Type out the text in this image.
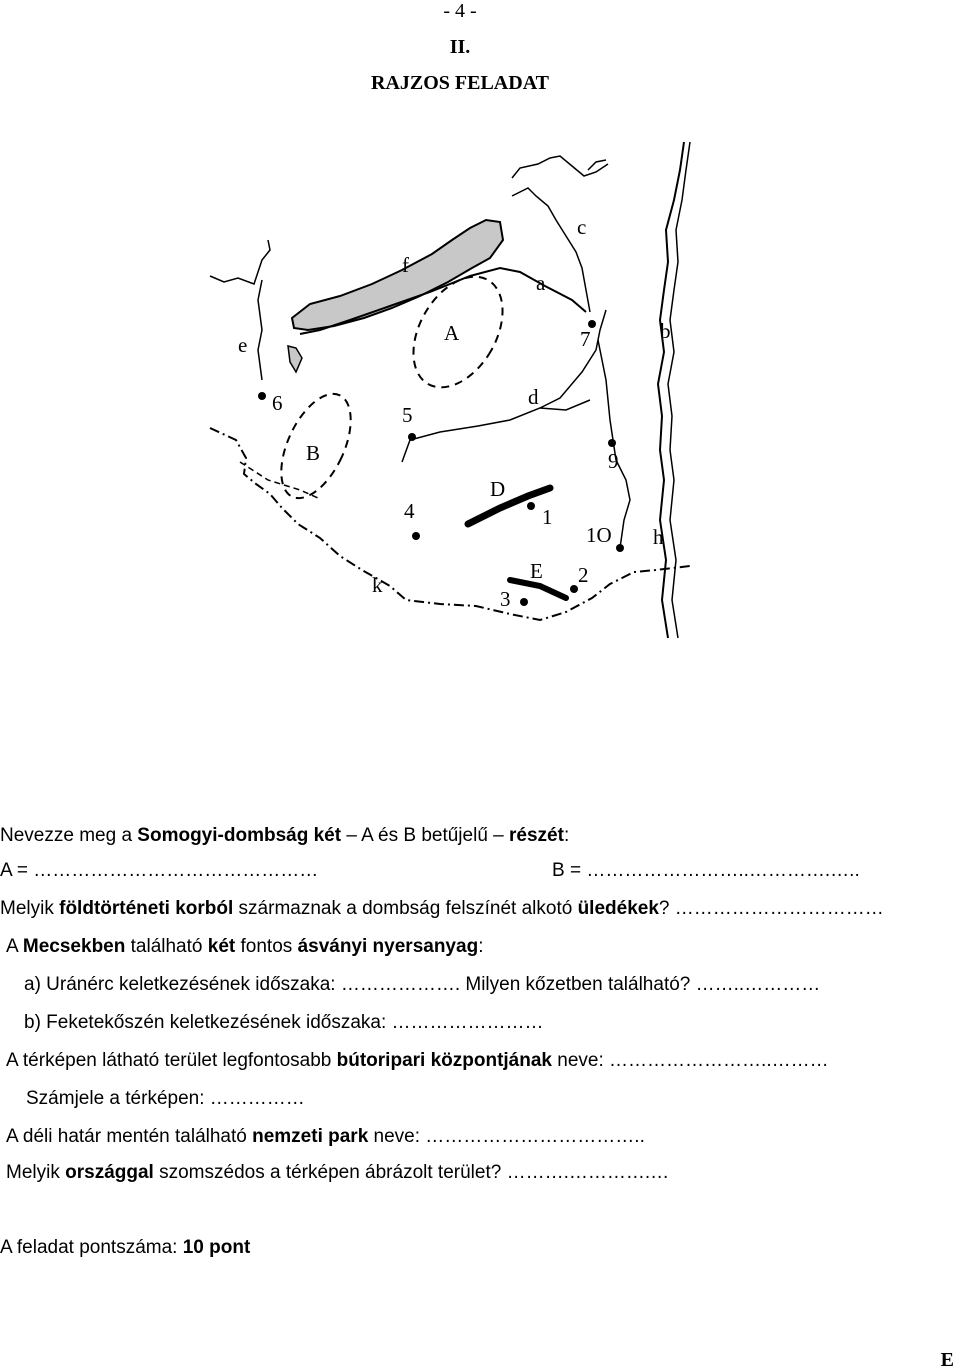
- 4 -
II.
RAJZOS FELADAT
a
b
c
d
e
f
h
k
A
B
D
E
1
2
3
4
5
6
7
9
1O
Nevezze meg a Somogyi-dombság két – A és B betűjelű – részét:
A = ………………………………………	B = ……………………..………….…..
Melyik földtörténeti korból származnak a dombság felszínét alkotó üledékek? ……………………………
A Mecsekben található két fontos ásványi nyersanyag:
a) Uránérc keletkezésének időszaka: ………………. Milyen kőzetben található? ……..…………
b) Feketekőszén keletkezésének időszaka: ……………………
A térképen látható terület legfontosabb bútoripari központjának neve: ……………………..………
Számjele a térképen: ……………
A déli határ mentén található nemzeti park neve: ……………………………..
Melyik országgal szomszédos a térképen ábrázolt terület? ……….………….…
A feladat pontszáma: 10 pont
E
